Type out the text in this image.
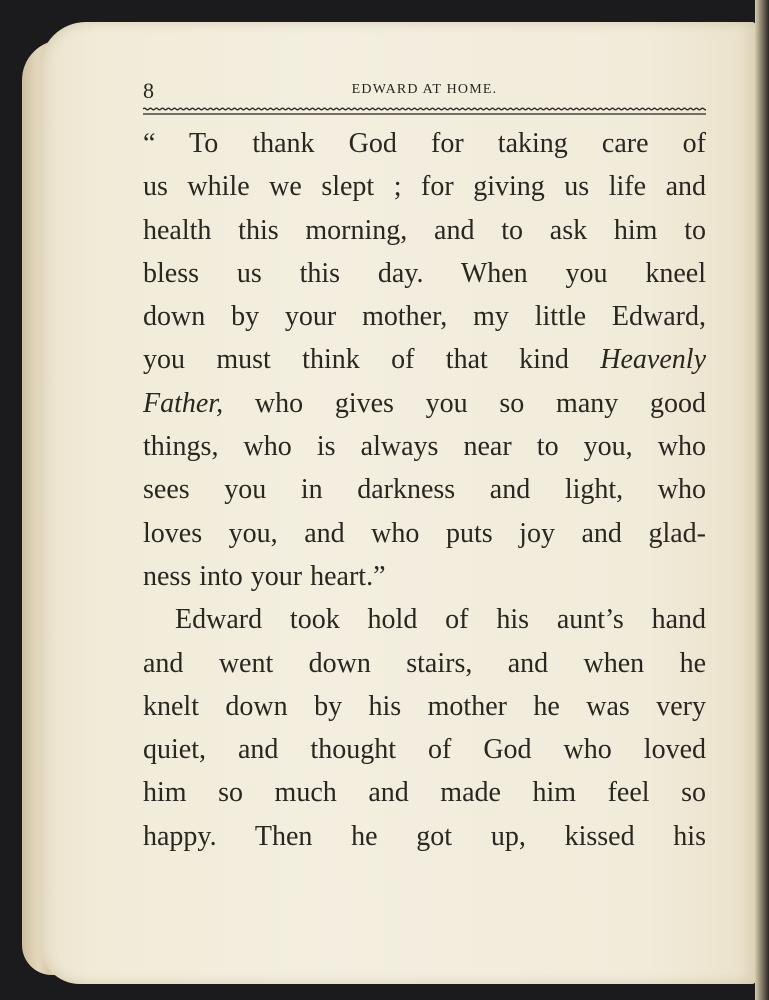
8	EDWARD AT HOME.
“ To thank God for taking care of
us while we slept ; for giving us life and
health this morning, and to ask him to
bless us this day. When you kneel
down by your mother, my little Edward,
you must think of that kind Heavenly
Father, who gives you so many good
things, who is always near to you, who
sees you in darkness and light, who
loves you, and who puts joy and glad-
ness into your heart.”
Edward took hold of his aunt’s hand
and went down stairs, and when he
knelt down by his mother he was very
quiet, and thought of God who loved
him so much and made him feel so
happy. Then he got up, kissed his
